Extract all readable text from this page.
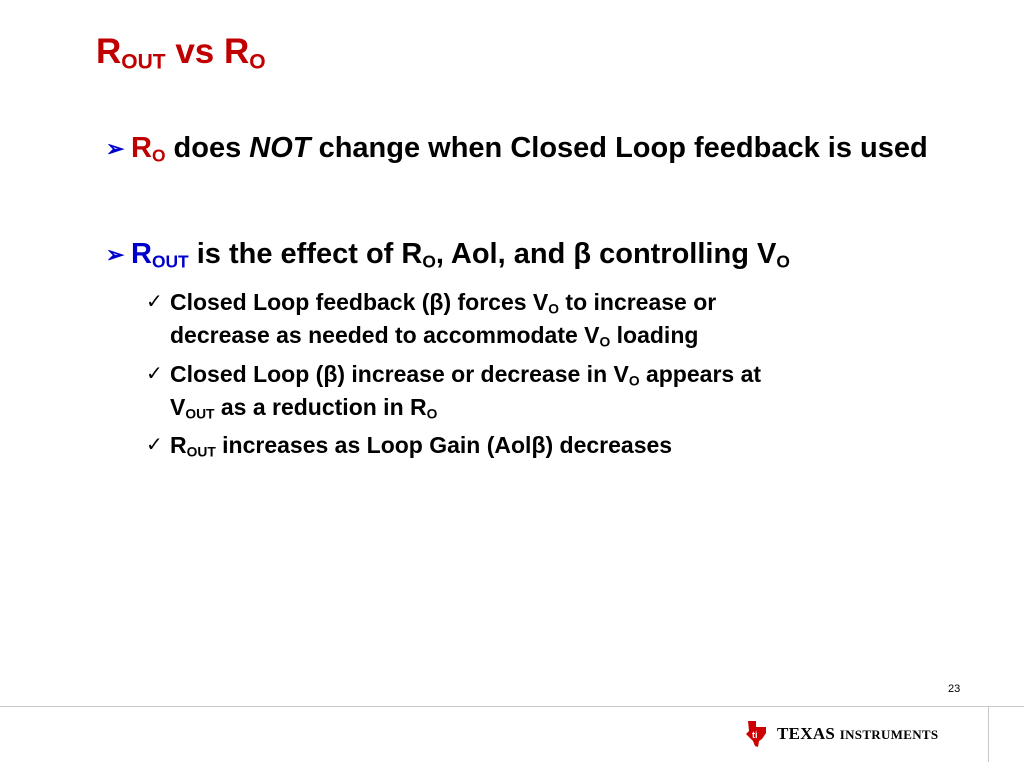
$R_{OUT}$ vs $R_O$
➢ $R_O$ does NOT change when Closed Loop feedback is used
➢ $R_{OUT}$ is the effect of $R_O$, Aol, and β controlling $V_O$
✓ Closed Loop feedback (β) forces $V_O$ to increase or
decrease as needed to accommodate $V_O$ loading
✓ Closed Loop (β) increase or decrease in $V_O$ appears at
$V_{OUT}$ as a reduction in $R_O$
✓ $R_{OUT}$ increases as Loop Gain (Aolβ) decreases
23
ti TEXAS INSTRUMENTS
